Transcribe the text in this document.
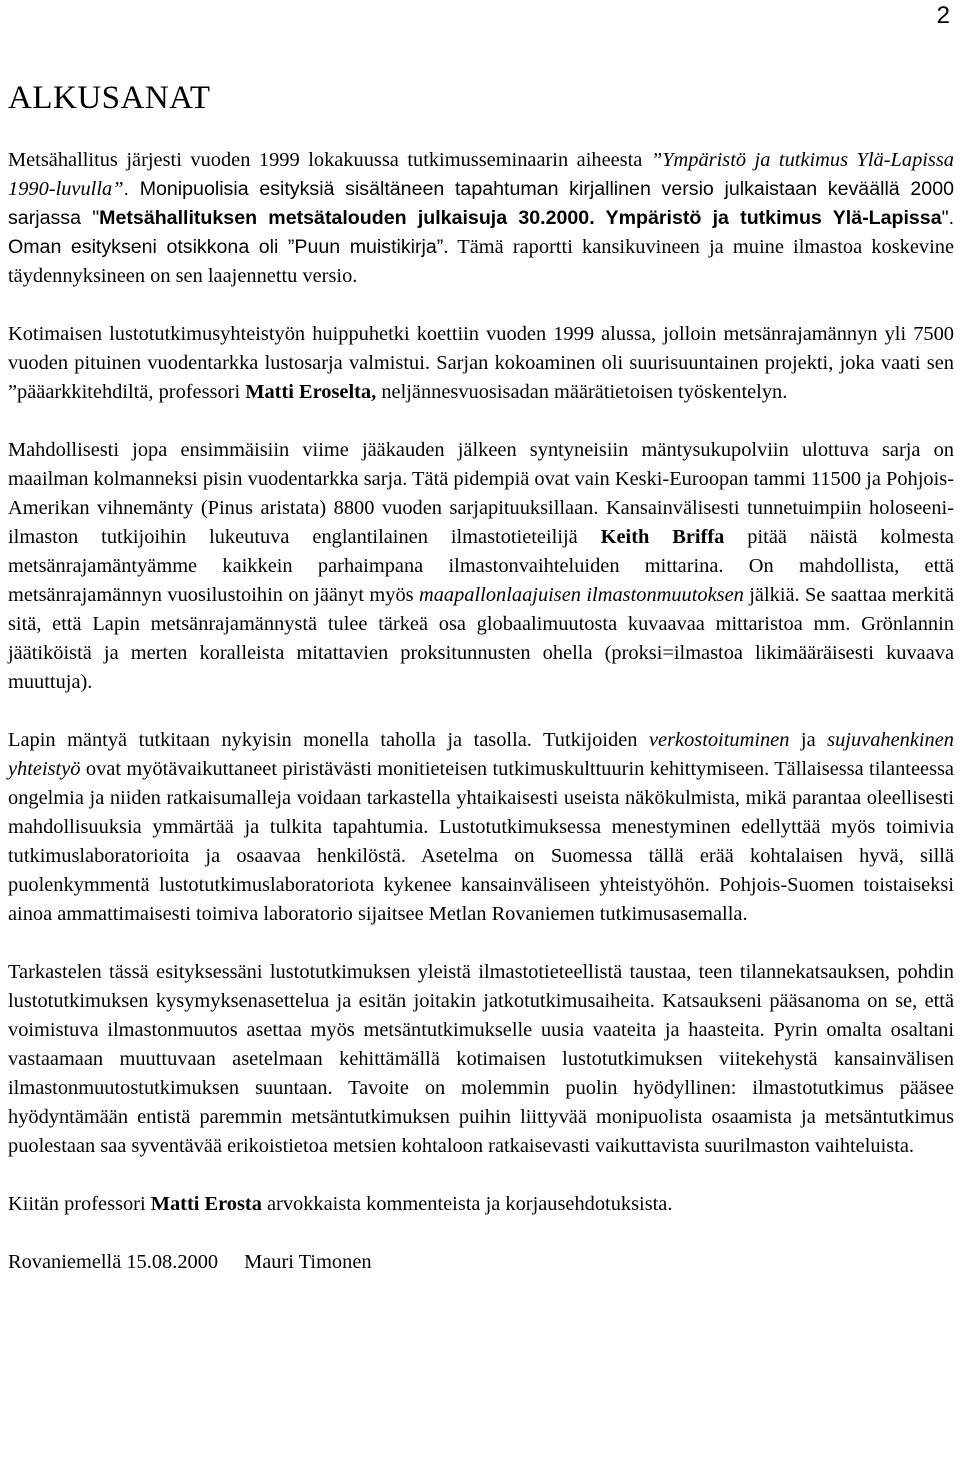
2
ALKUSANAT

Metsähallitus järjesti vuoden 1999 lokakuussa tutkimusseminaarin aiheesta ”Ympäristö ja tutkimus Ylä-Lapissa 1990-luvulla”. Monipuolisia esityksiä sisältäneen tapahtuman kirjallinen versio julkaistaan keväällä 2000 sarjassa "Metsähallituksen metsätalouden julkaisuja 30.2000. Ympäristö ja tutkimus Ylä-Lapissa". Oman esitykseni otsikkona oli ”Puun muistikirja”. Tämä raportti kansikuvineen ja muine ilmastoa koskevine täydennyksineen on sen laajennettu versio.

Kotimaisen lustotutkimusyhteistyön huippuhetki koettiin vuoden 1999 alussa, jolloin metsänrajamännyn yli 7500 vuoden pituinen vuodentarkka lustosarja valmistui. Sarjan kokoaminen oli suurisuuntainen projekti, joka vaati sen ”pääarkkitehdiltä, professori Matti Eroselta, neljännesvuosisadan määrätietoisen työskentelyn.

Mahdollisesti jopa ensimmäisiin viime jääkauden jälkeen syntyneisiin mäntysukupolviin ulottuva sarja on maailman kolmanneksi pisin vuodentarkka sarja. Tätä pidempiä ovat vain Keski-Euroopan tammi 11500 ja Pohjois-Amerikan vihnemänty (Pinus aristata) 8800 vuoden sarjapituuksillaan. Kansainvälisesti tunnetuimpiin holoseeni-ilmaston tutkijoihin lukeutuva englantilainen ilmastotieteilijä Keith Briffa pitää näistä kolmesta metsänrajamäntyämme kaikkein parhaimpana ilmastonvaihteluiden mittarina. On mahdollista, että metsänrajamännyn vuosilustoihin on jäänyt myös maapallonlaajuisen ilmastonmuutoksen jälkiä. Se saattaa merkitä sitä, että Lapin metsänrajamännystä tulee tärkeä osa globaalimuutosta kuvaavaa mittaristoa mm. Grönlannin jäätiköistä ja merten koralleista mitattavien proksitunnusten ohella (proksi=ilmastoa likimääräisesti kuvaava muuttuja).

Lapin mäntyä tutkitaan nykyisin monella taholla ja tasolla. Tutkijoiden verkostoituminen ja sujuvahenkinen yhteistyö ovat myötävaikuttaneet piristävästi monitieteisen tutkimuskulttuurin kehittymiseen. Tällaisessa tilanteessa ongelmia ja niiden ratkaisumalleja voidaan tarkastella yhtaikaisesti useista näkökulmista, mikä parantaa oleellisesti mahdollisuuksia ymmärtää ja tulkita tapahtumia. Lustotutkimuksessa menestyminen edellyttää myös toimivia tutkimuslaboratorioita ja osaavaa henkilöstä. Asetelma on Suomessa tällä erää kohtalaisen hyvä, sillä puolenkymmentä lustotutkimuslaboratoriota kykenee kansainväliseen yhteistyöhön. Pohjois-Suomen toistaiseksi ainoa ammattimaisesti toimiva laboratorio sijaitsee Metlan Rovaniemen tutkimusasemalla.

Tarkastelen tässä esityksessäni lustotutkimuksen yleistä ilmastotieteellistä taustaa, teen tilannekatsauksen, pohdin lustotutkimuksen kysymyksenasettelua ja esitän joitakin jatkotutkimusaiheita. Katsaukseni pääsanoma on se, että voimistuva ilmastonmuutos asettaa myös metsäntutkimukselle uusia vaateita ja haasteita. Pyrin omalta osaltani vastaamaan muuttuvaan asetelmaan kehittämällä kotimaisen lustotutkimuksen viitekehystä kansainvälisen ilmastonmuutostutkimuksen suuntaan. Tavoite on molemmin puolin hyödyllinen: ilmastotutkimus pääsee hyödyntämään entistä paremmin metsäntutkimuksen puihin liittyvää monipuolista osaamista ja metsäntutkimus puolestaan saa syventävää erikoistietoa metsien kohtaloon ratkaisevasti vaikuttavista suurilmaston vaihteluista.

Kiitän professori Matti Erosta arvokkaista kommenteista ja korjausehdotuksista.

Rovaniemellä 15.08.2000 Mauri Timonen
